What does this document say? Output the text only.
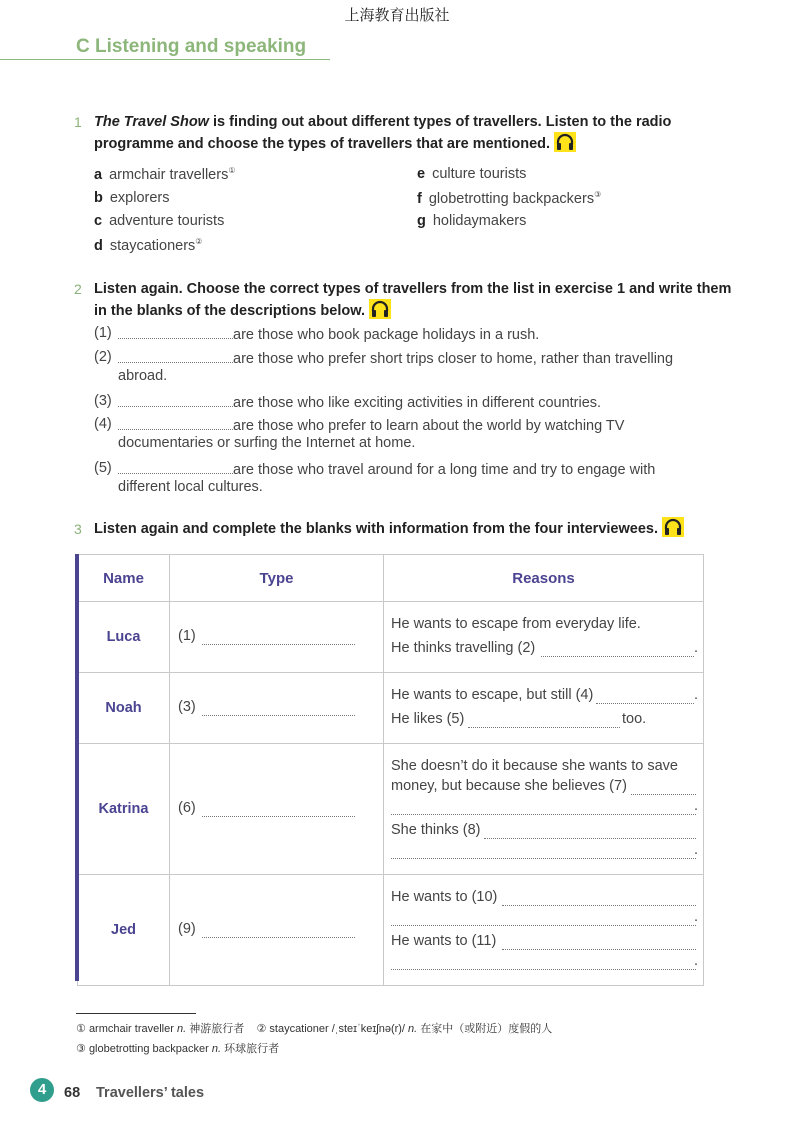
上海教育出版社
C Listening and speaking
1 The Travel Show is finding out about different types of travellers. Listen to the radio programme and choose the types of travellers that are mentioned.
a armchair travellers①
b explorers
c adventure tourists
d staycationers②
e culture tourists
f globetrotting backpackers③
g holidaymakers
2 Listen again. Choose the correct types of travellers from the list in exercise 1 and write them in the blanks of the descriptions below.
(1)	are those who book package holidays in a rush.
(2)	are those who prefer short trips closer to home, rather than travelling
abroad.
(3)	are those who like exciting activities in different countries.
(4)	are those who prefer to learn about the world by watching TV
documentaries or surfing the Internet at home.
(5)	are those who travel around for a long time and try to engage with
different local cultures.
3 Listen again and complete the blanks with information from the four interviewees.
Name	Type	Reasons
Luca	(1)	He wants to escape from everyday life.
He thinks travelling (2) .

Noah	(3)	He wants to escape, but still (4) .
He likes (5) too.

Katrina	(6)	She doesn’t do it because she wants to save
money, but because she believes (7)
.
She thinks (8)
.

Jed	(9)	He wants to (10)
.
He wants to (11)
.
① armchair traveller n. 神游旅行者 ② staycationer /ˌsteɪˈkeɪʃnə(r)/ n. 在家中（或附近）度假的人
③ globetrotting backpacker n. 环球旅行者
4	68 Travellers’ tales
